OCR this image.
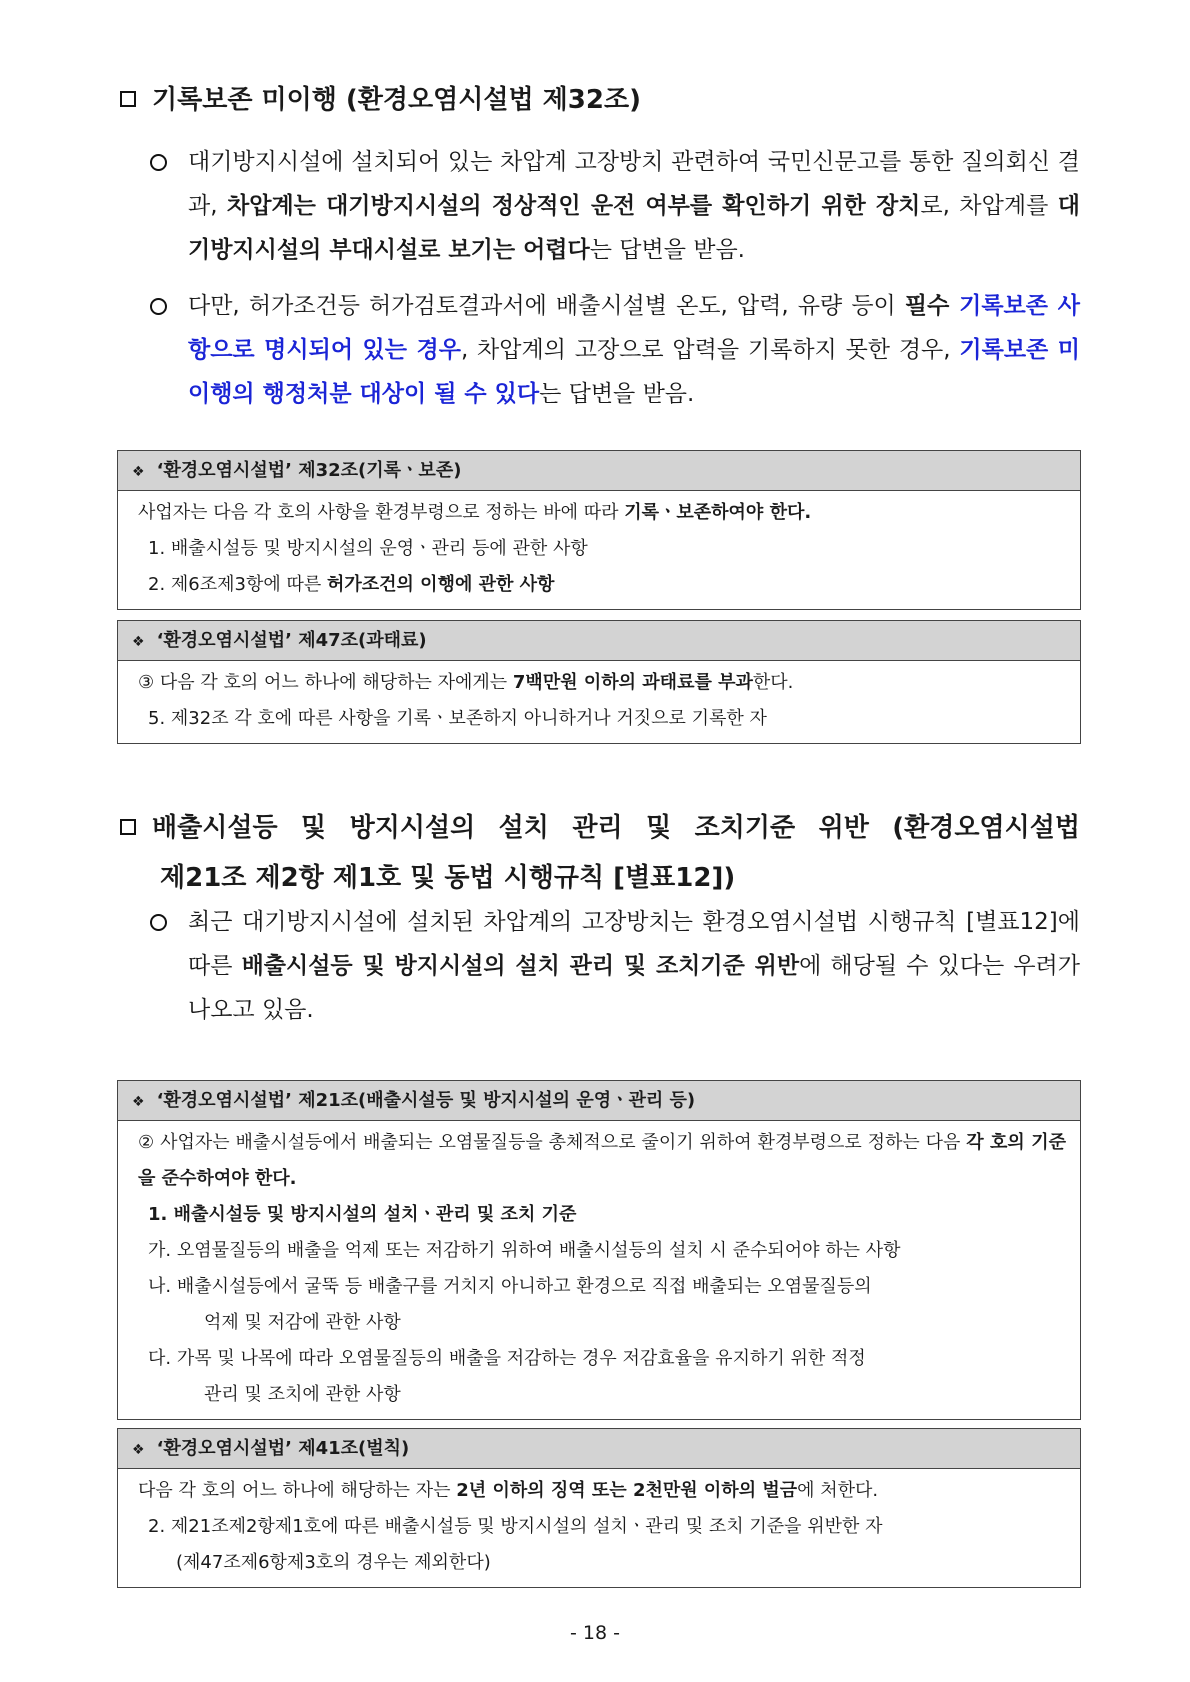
기록보존 미이행 (환경오염시설법 제32조)
대기방지시설에 설치되어 있는 차압계 고장방치 관련하여 국민신문고를 통한 질의회신 결과, 차압계는 대기방지시설의 정상적인 운전 여부를 확인하기 위한 장치로, 차압계를 대기방지시설의 부대시설로 보기는 어렵다는 답변을 받음.
다만, 허가조건등 허가검토결과서에 배출시설별 온도, 압력, 유량 등이 필수 기록보존 사항으로 명시되어 있는 경우, 차압계의 고장으로 압력을 기록하지 못한 경우, 기록보존 미이행의 행정처분 대상이 될 수 있다는 답변을 받음.
❖ ‘환경오염시설법’ 제32조(기록ㆍ보존)
사업자는 다음 각 호의 사항을 환경부령으로 정하는 바에 따라 기록ㆍ보존하여야 한다.
1. 배출시설등 및 방지시설의 운영ㆍ관리 등에 관한 사항
2. 제6조제3항에 따른 허가조건의 이행에 관한 사항
❖ ‘환경오염시설법’ 제47조(과태료)
③ 다음 각 호의 어느 하나에 해당하는 자에게는 7백만원 이하의 과태료를 부과한다.
5. 제32조 각 호에 따른 사항을 기록ㆍ보존하지 아니하거나 거짓으로 기록한 자
배출시설등 및 방지시설의 설치 관리 및 조치기준 위반 (환경오염시설법
제21조 제2항 제1호 및 동법 시행규칙 [별표12])
최근 대기방지시설에 설치된 차압계의 고장방치는 환경오염시설법 시행규칙 [별표12]에 따른 배출시설등 및 방지시설의 설치 관리 및 조치기준 위반에 해당될 수 있다는 우려가 나오고 있음.
❖ ‘환경오염시설법’ 제21조(배출시설등 및 방지시설의 운영ㆍ관리 등)
② 사업자는 배출시설등에서 배출되는 오염물질등을 총체적으로 줄이기 위하여 환경부령으로 정하는 다음 각 호의 기준을 준수하여야 한다.
1. 배출시설등 및 방지시설의 설치ㆍ관리 및 조치 기준
가. 오염물질등의 배출을 억제 또는 저감하기 위하여 배출시설등의 설치 시 준수되어야 하는 사항
나. 배출시설등에서 굴뚝 등 배출구를 거치지 아니하고 환경으로 직접 배출되는 오염물질등의
억제 및 저감에 관한 사항
다. 가목 및 나목에 따라 오염물질등의 배출을 저감하는 경우 저감효율을 유지하기 위한 적정
관리 및 조치에 관한 사항
❖ ‘환경오염시설법’ 제41조(벌칙)
다음 각 호의 어느 하나에 해당하는 자는 2년 이하의 징역 또는 2천만원 이하의 벌금에 처한다.
2. 제21조제2항제1호에 따른 배출시설등 및 방지시설의 설치ㆍ관리 및 조치 기준을 위반한 자
(제47조제6항제3호의 경우는 제외한다)
- 18 -
